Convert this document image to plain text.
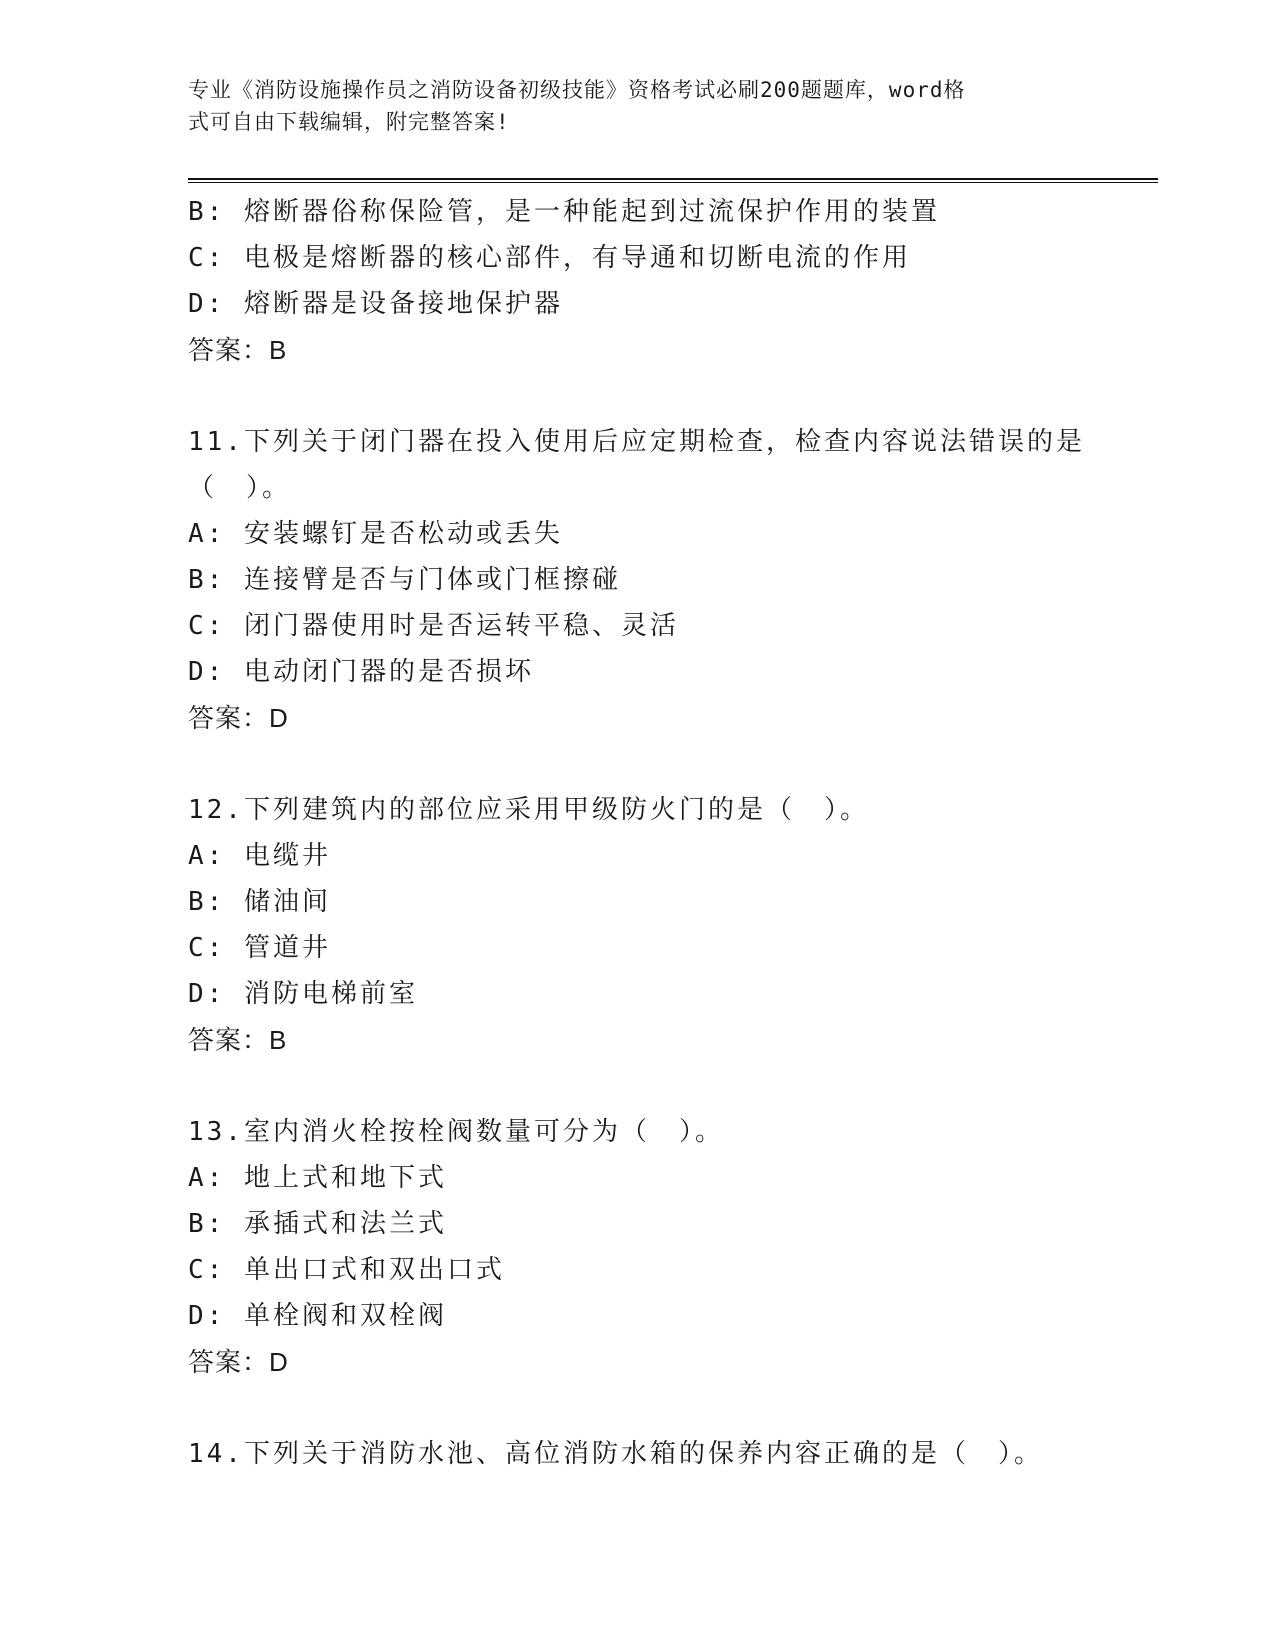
专业《消防设施操作员之消防设备初级技能》资格考试必刷200题题库，word格
式可自由下载编辑，附完整答案!
B: 熔断器俗称保险管，是一种能起到过流保护作用的装置
C: 电极是熔断器的核心部件，有导通和切断电流的作用
D: 熔断器是设备接地保护器
答案：B
11.下列关于闭门器在投入使用后应定期检查，检查内容说法错误的是
（　）。
A: 安装螺钉是否松动或丢失
B: 连接臂是否与门体或门框擦碰
C: 闭门器使用时是否运转平稳、灵活
D: 电动闭门器的是否损坏
答案：D
12.下列建筑内的部位应采用甲级防火门的是（　）。
A: 电缆井
B: 储油间
C: 管道井
D: 消防电梯前室
答案：B
13.室内消火栓按栓阀数量可分为（　）。
A: 地上式和地下式
B: 承插式和法兰式
C: 单出口式和双出口式
D: 单栓阀和双栓阀
答案：D
14.下列关于消防水池、高位消防水箱的保养内容正确的是（　）。
